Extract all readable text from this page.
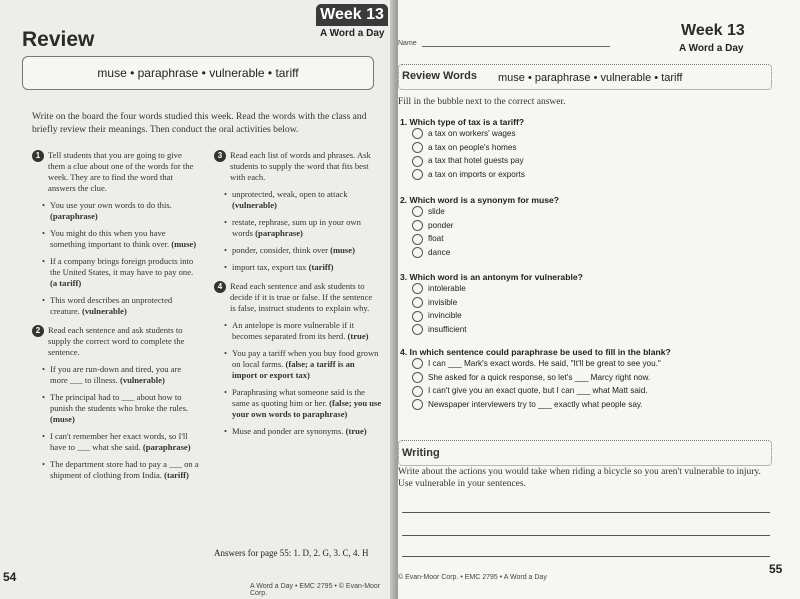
Week 13
A Word a Day
Review
muse • paraphrase • vulnerable • tariff
Write on the board the four words studied this week. Read the words with the class and briefly review their meanings. Then conduct the oral activities below.
1 Tell students that you are going to give them a clue about one of the words for the week. They are to find the word that answers the clue.
• You use your own words to do this. (paraphrase)
• You might do this when you have something important to think over. (muse)
• If a company brings foreign products into the United States, it may have to pay one. (a tariff)
• This word describes an unprotected creature. (vulnerable)
2 Read each sentence and ask students to supply the correct word to complete the sentence.
• If you are run-down and tired, you are more ___ to illness. (vulnerable)
• The principal had to ___ about how to punish the students who broke the rules. (muse)
• I can't remember her exact words, so I'll have to ___ what she said. (paraphrase)
• The department store had to pay a ___ on a shipment of clothing from India. (tariff)
3 Read each list of words and phrases. Ask students to supply the word that fits best with each.
• unprotected, weak, open to attack (vulnerable)
• restate, rephrase, sum up in your own words (paraphrase)
• ponder, consider, think over (muse)
• import tax, export tax (tariff)
4 Read each sentence and ask students to decide if it is true or false. If the sentence is false, instruct students to explain why.
• An antelope is more vulnerable if it becomes separated from its herd. (true)
• You pay a tariff when you buy food grown on local farms. (false; a tariff is an import or export tax)
• Paraphrasing what someone said is the same as quoting him or her. (false; you use your own words to paraphrase)
• Muse and ponder are synonyms. (true)
Answers for page 55: 1. D, 2. G, 3. C, 4. H
54
A Word a Day • EMC 2795 • © Evan-Moor Corp.
Name
Week 13
A Word a Day
Review Words muse • paraphrase • vulnerable • tariff
Fill in the bubble next to the correct answer.
1. Which type of tax is a tariff?
a tax on workers' wages
a tax on people's homes
a tax that hotel guests pay
a tax on imports or exports
2. Which word is a synonym for muse?
slide
ponder
float
dance
3. Which word is an antonym for vulnerable?
intolerable
invisible
invincible
insufficient
4. In which sentence could paraphrase be used to fill in the blank?
I can ___ Mark's exact words. He said, "It'll be great to see you."
She asked for a quick response, so let's ___ Marcy right now.
I can't give you an exact quote, but I can ___ what Matt said.
Newspaper interviewers try to ___ exactly what people say.
Writing
Write about the actions you would take when riding a bicycle so you aren't vulnerable to injury. Use vulnerable in your sentences.
© Evan-Moor Corp. • EMC 2795 • A Word a Day
55
